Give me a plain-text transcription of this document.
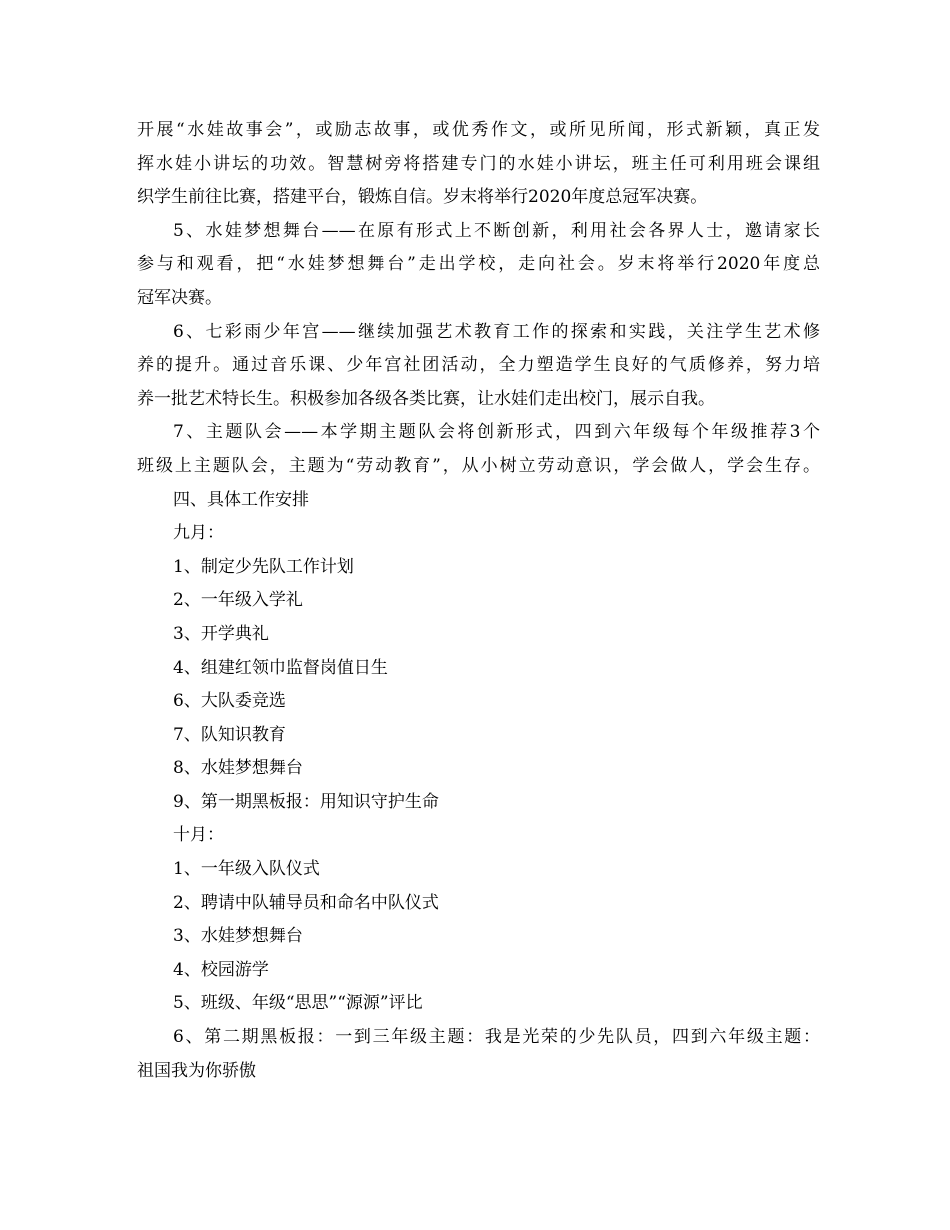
开展“水娃故事会”，或励志故事，或优秀作文，或所见所闻，形式新颖，真正发
挥水娃小讲坛的功效。智慧树旁将搭建专门的水娃小讲坛，班主任可利用班会课组
织学生前往比赛，搭建平台，锻炼自信。岁末将举行2020年度总冠军决赛。
5、水娃梦想舞台——在原有形式上不断创新，利用社会各界人士，邀请家长
参与和观看，把“水娃梦想舞台”走出学校，走向社会。岁末将举行2020年度总
冠军决赛。
6、七彩雨少年宫——继续加强艺术教育工作的探索和实践，关注学生艺术修
养的提升。通过音乐课、少年宫社团活动，全力塑造学生良好的气质修养，努力培
养一批艺术特长生。积极参加各级各类比赛，让水娃们走出校门，展示自我。
7、主题队会——本学期主题队会将创新形式，四到六年级每个年级推荐3个
班级上主题队会，主题为“劳动教育”，从小树立劳动意识，学会做人，学会生存。
四、具体工作安排
九月：
1、制定少先队工作计划
2、一年级入学礼
3、开学典礼
4、组建红领巾监督岗值日生
6、大队委竞选
7、队知识教育
8、水娃梦想舞台
9、第一期黑板报：用知识守护生命
十月：
1、一年级入队仪式
2、聘请中队辅导员和命名中队仪式
3、水娃梦想舞台
4、校园游学
5、班级、年级“思思”“源源”评比
6、第二期黑板报：一到三年级主题：我是光荣的少先队员，四到六年级主题：
祖国我为你骄傲
